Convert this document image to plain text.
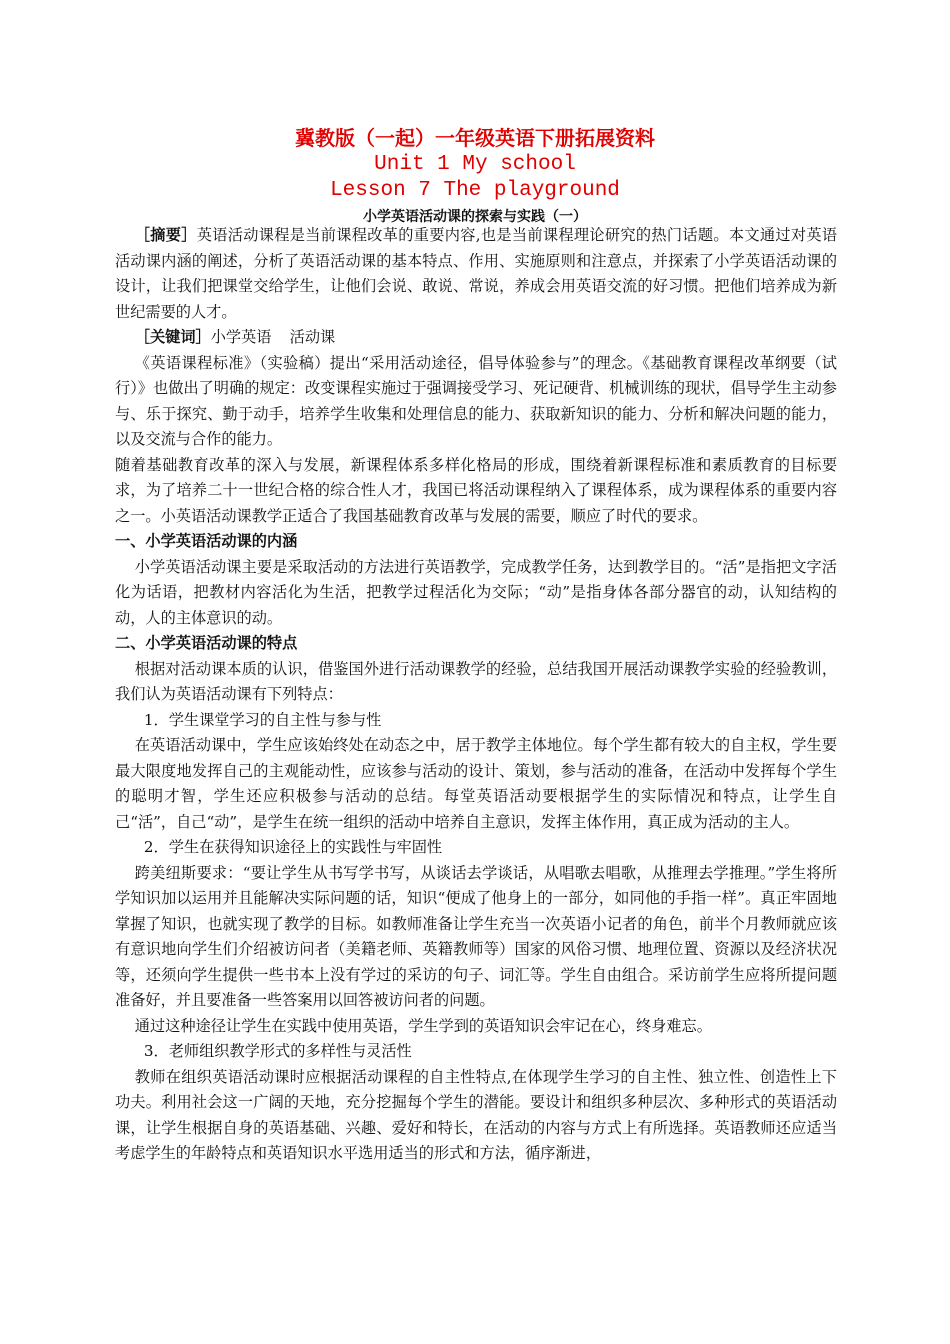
冀教版（一起）一年级英语下册拓展资料
Unit 1 My school
Lesson 7 The playground
小学英语活动课的探索与实践（一）

［摘要］英语活动课程是当前课程改革的重要内容,也是当前课程理论研究的热门话题。本文通过对英语活动课内涵的阐述，分析了英语活动课的基本特点、作用、实施原则和注意点，并探索了小学英语活动课的设计，让我们把课堂交给学生，让他们会说、敢说、常说，养成会用英语交流的好习惯。把他们培养成为新世纪需要的人才。

［关键词］小学英语 活动课

《英语课程标准》（实验稿）提出“采用活动途径，倡导体验参与”的理念。《基础教育课程改革纲要（试行）》也做出了明确的规定：改变课程实施过于强调接受学习、死记硬背、机械训练的现状，倡导学生主动参与、乐于探究、勤于动手，培养学生收集和处理信息的能力、获取新知识的能力、分析和解决问题的能力，以及交流与合作的能力。

随着基础教育改革的深入与发展，新课程体系多样化格局的形成，围绕着新课程标准和素质教育的目标要求，为了培养二十一世纪合格的综合性人才，我国已将活动课程纳入了课程体系，成为课程体系的重要内容之一。小英语活动课教学正适合了我国基础教育改革与发展的需要，顺应了时代的要求。

一、小学英语活动课的内涵

小学英语活动课主要是采取活动的方法进行英语教学，完成教学任务，达到教学目的。“活”是指把文字活化为话语，把教材内容活化为生活，把教学过程活化为交际；“动”是指身体各部分器官的动，认知结构的动，人的主体意识的动。

二、小学英语活动课的特点

根据对活动课本质的认识，借鉴国外进行活动课教学的经验，总结我国开展活动课教学实验的经验教训，我们认为英语活动课有下列特点：

1．学生课堂学习的自主性与参与性

在英语活动课中，学生应该始终处在动态之中，居于教学主体地位。每个学生都有较大的自主权，学生要最大限度地发挥自己的主观能动性，应该参与活动的设计、策划，参与活动的准备，在活动中发挥每个学生的聪明才智，学生还应积极参与活动的总结。每堂英语活动要根据学生的实际情况和特点，让学生自己“活”，自己“动”，是学生在统一组织的活动中培养自主意识，发挥主体作用，真正成为活动的主人。

2．学生在获得知识途径上的实践性与牢固性

跨美纽斯要求：“要让学生从书写学书写，从谈话去学谈话，从唱歌去唱歌，从推理去学推理。”学生将所学知识加以运用并且能解决实际问题的话，知识“便成了他身上的一部分，如同他的手指一样”。真正牢固地掌握了知识，也就实现了教学的目标。如教师准备让学生充当一次英语小记者的角色，前半个月教师就应该有意识地向学生们介绍被访问者（美籍老师、英籍教师等）国家的风俗习惯、地理位置、资源以及经济状况等，还须向学生提供一些书本上没有学过的采访的句子、词汇等。学生自由组合。采访前学生应将所提问题准备好，并且要准备一些答案用以回答被访问者的问题。

通过这种途径让学生在实践中使用英语，学生学到的英语知识会牢记在心，终身难忘。

3．老师组织教学形式的多样性与灵活性

教师在组织英语活动课时应根据活动课程的自主性特点,在体现学生学习的自主性、独立性、创造性上下功夫。利用社会这一广阔的天地，充分挖掘每个学生的潜能。要设计和组织多种层次、多种形式的英语活动课，让学生根据自身的英语基础、兴趣、爱好和特长，在活动的内容与方式上有所选择。英语教师还应适当考虑学生的年龄特点和英语知识水平选用适当的形式和方法，循序渐进，
